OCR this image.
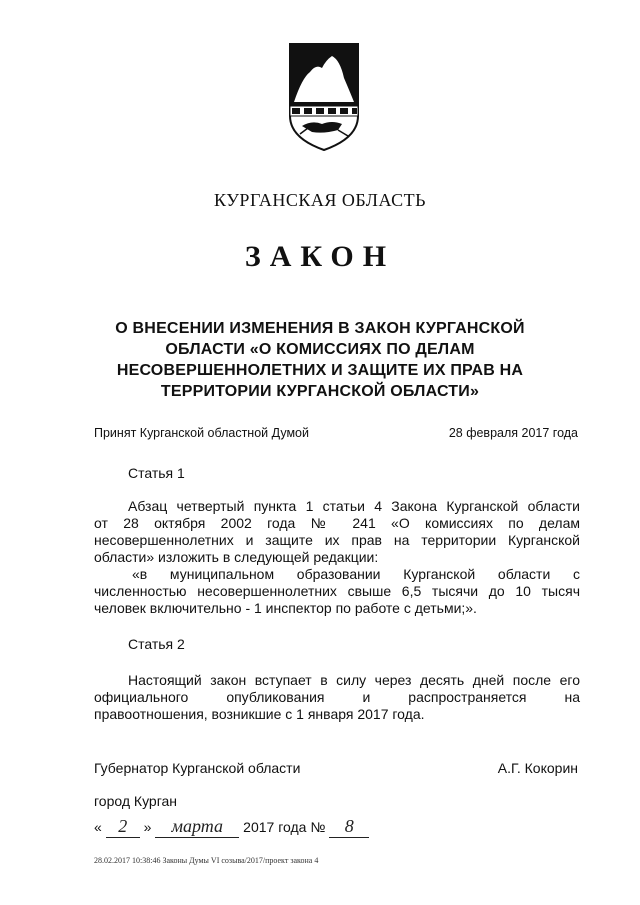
КУРГАНСКАЯ ОБЛАСТЬ
ЗАКОН
О ВНЕСЕНИИ ИЗМЕНЕНИЯ В ЗАКОН КУРГАНСКОЙ
ОБЛАСТИ «О КОМИССИЯХ ПО ДЕЛАМ
НЕСОВЕРШЕННОЛЕТНИХ И ЗАЩИТЕ ИХ ПРАВ НА
ТЕРРИТОРИИ КУРГАНСКОЙ ОБЛАСТИ»
Принят Курганской областной Думой	28 февраля 2017 года
Статья 1
Абзац четвертый пункта 1 статьи 4 Закона Курганской области
от 28 октября 2002 года № 241 «О комиссиях по делам
несовершеннолетних и защите их прав на территории Курганской
области» изложить в следующей редакции:
«в муниципальном образовании Курганской области с
численностью несовершеннолетних свыше 6,5 тысячи до 10 тысяч
человек включительно - 1 инспектор по работе с детьми;».
Статья 2
Настоящий закон вступает в силу через десять дней после его
официального опубликования и распространяется на
правоотношения, возникшие с 1 января 2017 года.
Губернатор Курганской области	А.Г. Кокорин
город Курган
« 2 » марта 2017 года № 8
28.02.2017 10:38:46 Законы Думы VI созыва/2017/проект закона 4
